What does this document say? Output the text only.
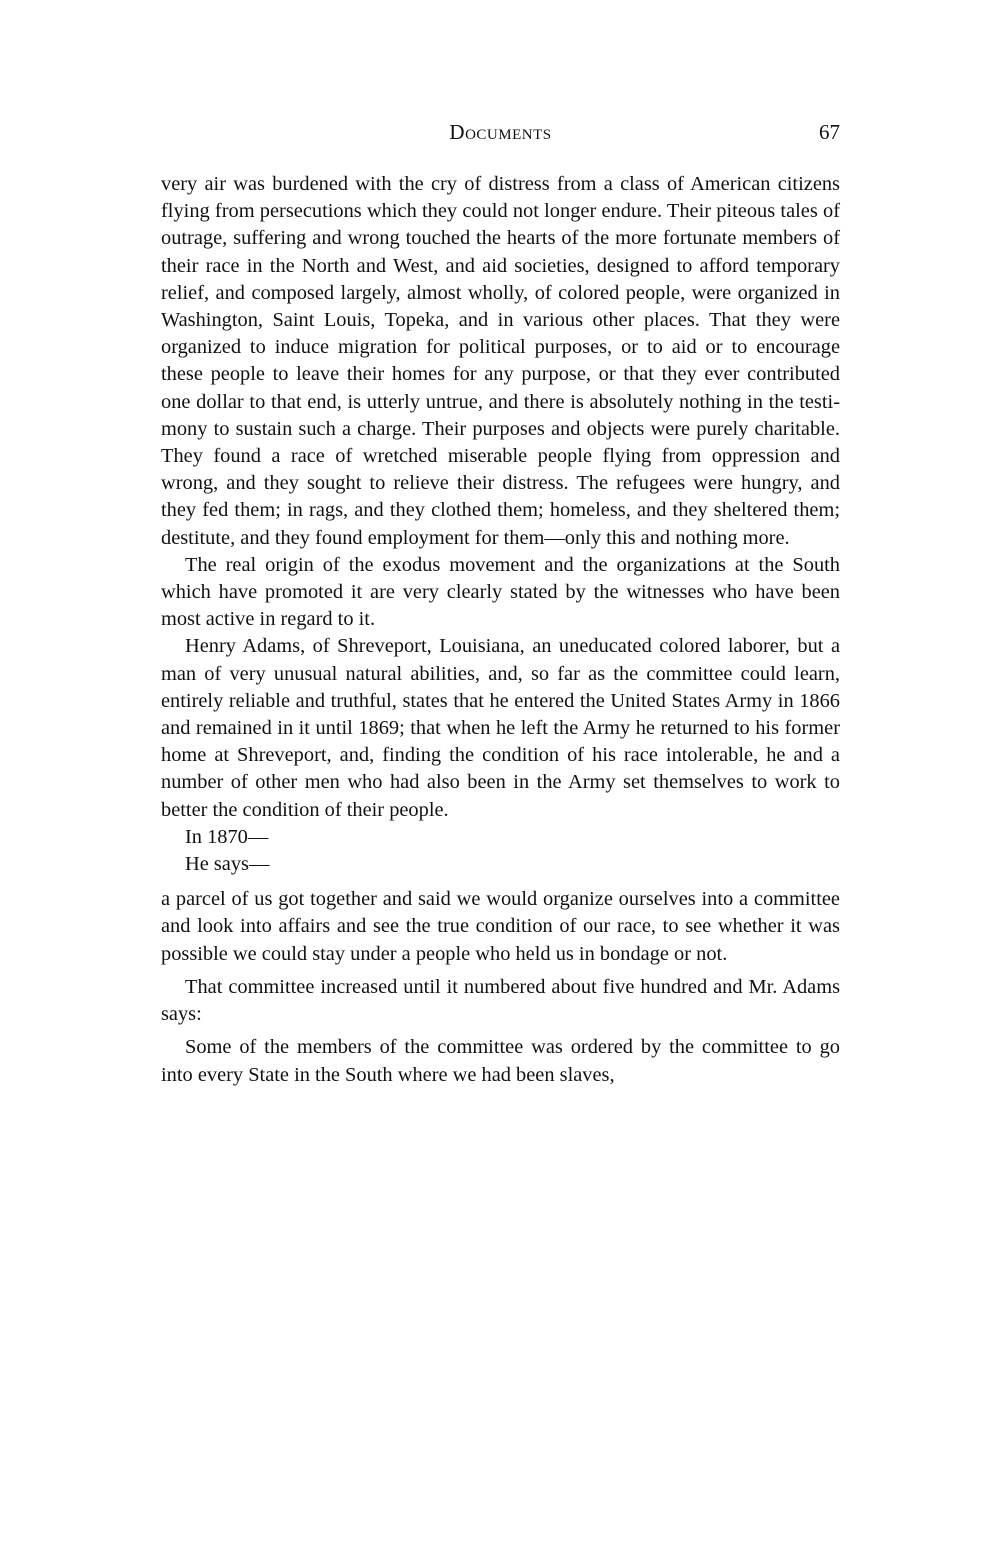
Documents	67

very air was burdened with the cry of distress from a class of American citizens flying from persecutions which they could not longer endure. Their piteous tales of outrage, suffering and wrong touched the hearts of the more fortunate members of their race in the North and West, and aid societies, designed to afford temporary relief, and composed largely, almost wholly, of colored people, were organized in Washington, Saint Louis, Topeka, and in various other places. That they were organized to induce migration for political purposes, or to aid or to encourage these people to leave their homes for any purpose, or that they ever contributed one dollar to that end, is utterly untrue, and there is absolutely nothing in the testimony to sustain such a charge. Their purposes and objects were purely charitable. They found a race of wretched miserable people flying from oppression and wrong, and they sought to relieve their distress. The refugees were hungry, and they fed them; in rags, and they clothed them; homeless, and they sheltered them; destitute, and they found employment for them—only this and nothing more.

The real origin of the exodus movement and the organizations at the South which have promoted it are very clearly stated by the witnesses who have been most active in regard to it.

Henry Adams, of Shreveport, Louisiana, an uneducated colored laborer, but a man of very unusual natural abilities, and, so far as the committee could learn, entirely reliable and truthful, states that he entered the United States Army in 1866 and remained in it until 1869; that when he left the Army he returned to his former home at Shreveport, and, finding the condition of his race intolerable, he and a number of other men who had also been in the Army set themselves to work to better the condition of their people.

In 1870—

He says—

a parcel of us got together and said we would organize ourselves into a committee and look into affairs and see the true condition of our race, to see whether it was possible we could stay under a people who held us in bondage or not.

That committee increased until it numbered about five hundred and Mr. Adams says:

Some of the members of the committee was ordered by the committee to go into every State in the South where we had been slaves,
